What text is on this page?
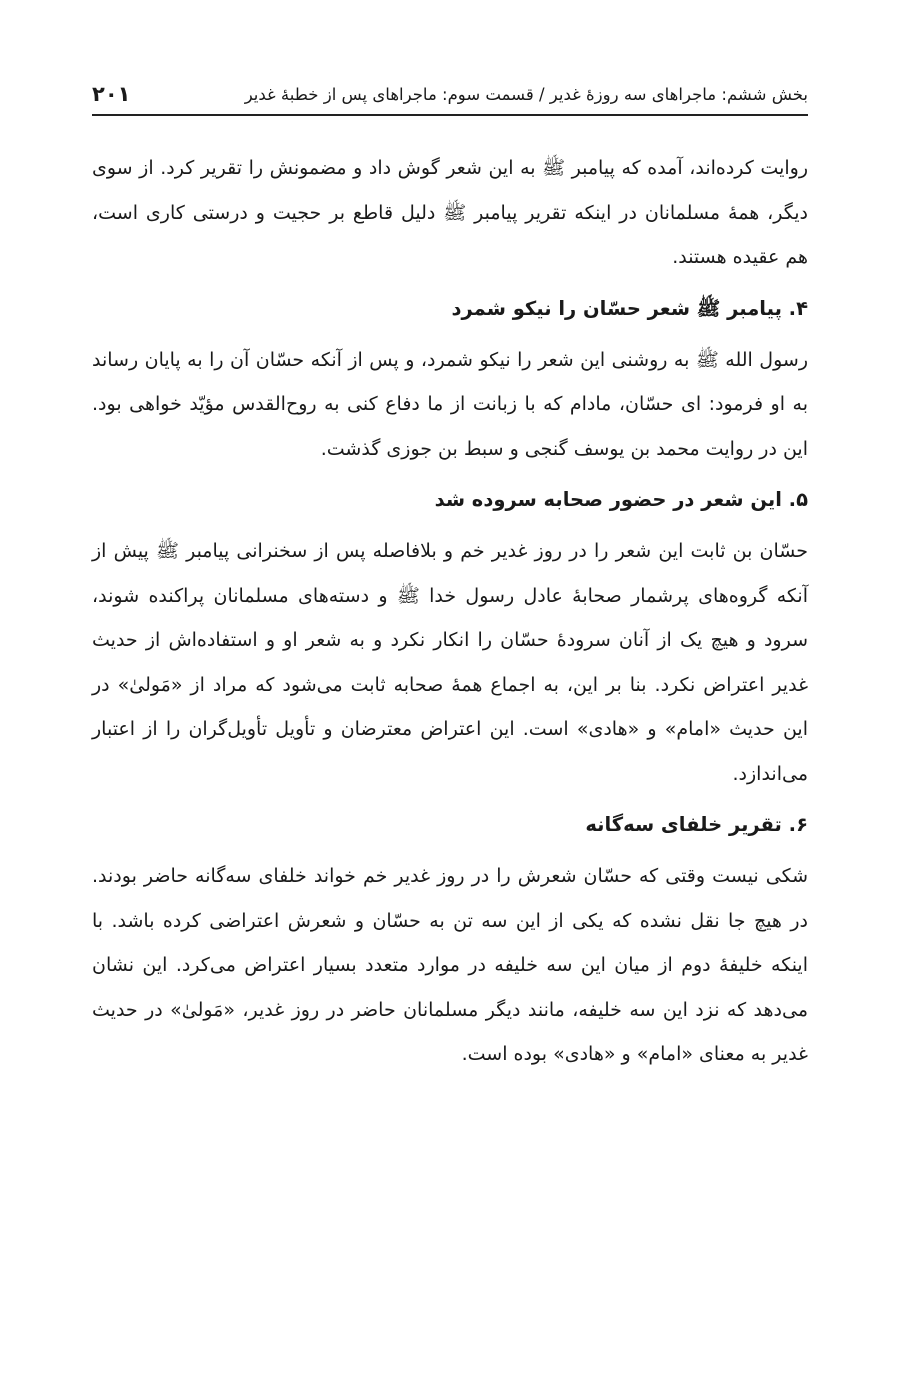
بخش ششم: ماجراهای سه روزهٔ غدیر / قسمت سوم: ماجراهای پس از خطبهٔ غدیر
۲۰۱

روایت کرده‌اند، آمده که پیامبر ﷺ به این شعر گوش داد و مضمونش را تقریر کرد. از سوی دیگر، همهٔ مسلمانان در اینکه تقریر پیامبر ﷺ دلیل قاطع بر حجیت و درستی کاری است، هم عقیده هستند.

۴. پیامبر ﷺ شعر حسّان را نیکو شمرد

رسول الله ﷺ به روشنی این شعر را نیکو شمرد، و پس از آنکه حسّان آن را به پایان رساند به او فرمود: ای حسّان، مادام که با زبانت از ما دفاع کنی به روح‌القدس مؤیّد خواهی بود. این در روایت محمد بن یوسف گنجی و سبط بن جوزی گذشت.

۵. این شعر در حضور صحابه سروده شد

حسّان بن ثابت این شعر را در روز غدیر خم و بلافاصله پس از سخنرانی پیامبر ﷺ پیش از آنکه گروه‌های پرشمار صحابهٔ عادل رسول خدا ﷺ و دسته‌های مسلمانان پراکنده شوند، سرود و هیچ یک از آنان سرودهٔ حسّان را انکار نکرد و به شعر او و استفاده‌اش از حدیث غدیر اعتراض نکرد. بنا بر این، به اجماع همهٔ صحابه ثابت می‌شود که مراد از «مَولیٰ» در این حدیث «امام» و «هادی» است. این اعتراض معترضان و تأویل تأویل‌گران را از اعتبار می‌اندازد.

۶. تقریر خلفای سه‌گانه

شکی نیست وقتی که حسّان شعرش را در روز غدیر خم خواند خلفای سه‌گانه حاضر بودند. در هیچ جا نقل نشده که یکی از این سه تن به حسّان و شعرش اعتراضی کرده باشد. با اینکه خلیفهٔ دوم از میان این سه خلیفه در موارد متعدد بسیار اعتراض می‌کرد. این نشان می‌دهد که نزد این سه خلیفه، مانند دیگر مسلمانان حاضر در روز غدیر، «مَولیٰ» در حدیث غدیر به معنای «امام» و «هادی» بوده است.
